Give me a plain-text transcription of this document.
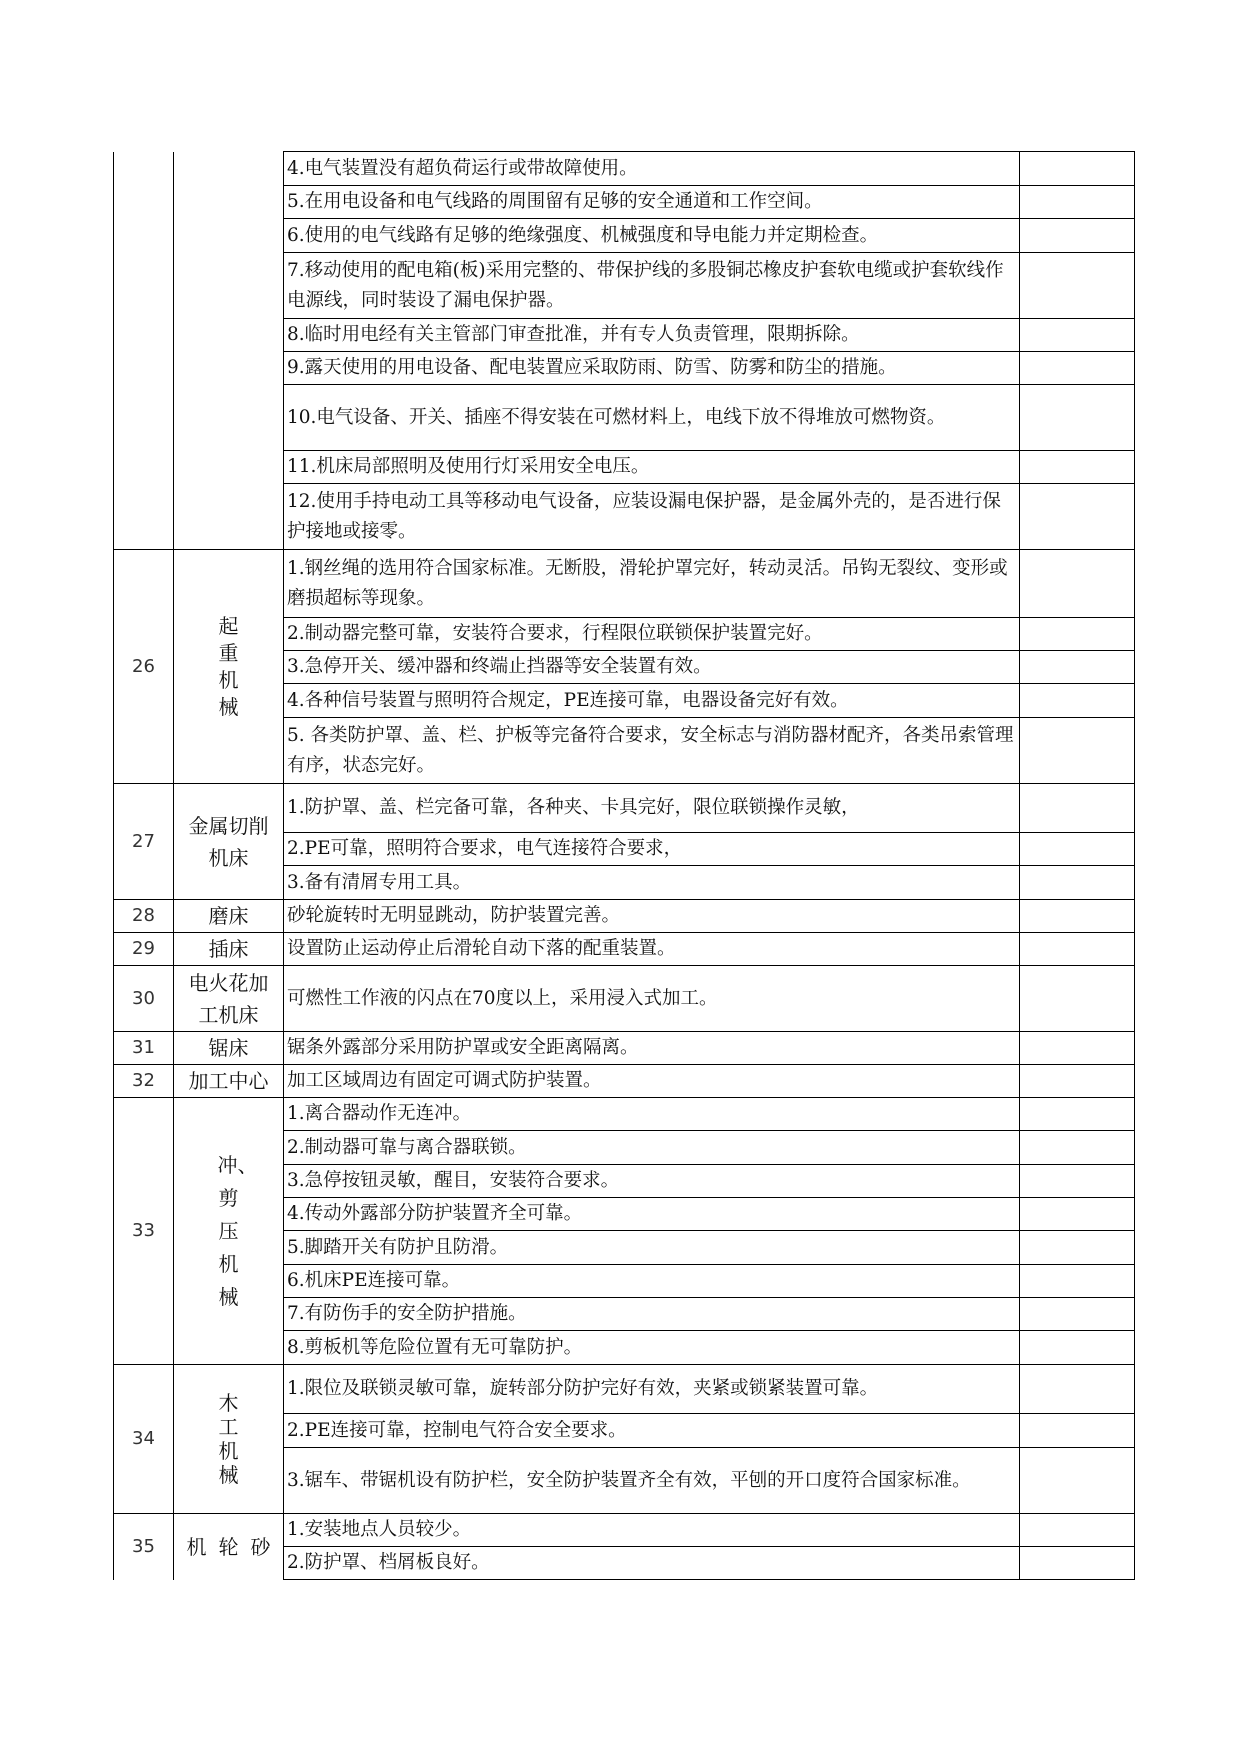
		4.电气装置没有超负荷运行或带故障使用。	
		5.在用电设备和电气线路的周围留有足够的安全通道和工作空间。	
		6.使用的电气线路有足够的绝缘强度、机械强度和导电能力并定期检查。	
		7.移动使用的配电箱(板)采用完整的、带保护线的多股铜芯橡皮护套软电缆或护套软线作电源线，同时装设了漏电保护器。	
		8.临时用电经有关主管部门审查批准，并有专人负责管理，限期拆除。	
		9.露天使用的用电设备、配电装置应采取防雨、防雪、防雾和防尘的措施。	
		10.电气设备、开关、插座不得安装在可燃材料上，电线下放不得堆放可燃物资。	
		11.机床局部照明及使用行灯采用安全电压。	
		12.使用手持电动工具等移动电气设备，应装设漏电保护器，是金属外壳的，是否进行保护接地或接零。	

26	起重机械	1.钢丝绳的选用符合国家标准。无断股，滑轮护罩完好，转动灵活。吊钩无裂纹、变形或磨损超标等现象。	
		2.制动器完整可靠，安装符合要求，行程限位联锁保护装置完好。	
		3.急停开关、缓冲器和终端止挡器等安全装置有效。	
		4.各种信号装置与照明符合规定，PE连接可靠，电器设备完好有效。	
		5. 各类防护罩、盖、栏、护板等完备符合要求，安全标志与消防器材配齐，各类吊索管理有序，状态完好。	
27	金属切削机床	1.防护罩、盖、栏完备可靠，各种夹、卡具完好，限位联锁操作灵敏，	
		2.PE可靠，照明符合要求，电气连接符合要求，	
		3.备有清屑专用工具。	
28	磨床	砂轮旋转时无明显跳动，防护装置完善。	
29	插床	设置防止运动停止后滑轮自动下落的配重装置。	
30	电火花加工机床	可燃性工作液的闪点在70度以上，采用浸入式加工。	
31	锯床	锯条外露部分采用防护罩或安全距离隔离。	
32	加工中心	加工区域周边有固定可调式防护装置。	
33	冲、剪压机械	1.离合器动作无连冲。	
		2.制动器可靠与离合器联锁。	
		3.急停按钮灵敏，醒目，安装符合要求。	
		4.传动外露部分防护装置齐全可靠。	
		5.脚踏开关有防护且防滑。	
		6.机床PE连接可靠。	
		7.有防伤手的安全防护措施。	
		8.剪板机等危险位置有无可靠防护。	
34	木工机械	1.限位及联锁灵敏可靠，旋转部分防护完好有效，夹紧或锁紧装置可靠。	
		2.PE连接可靠，控制电气符合安全要求。	
		3.锯车、带锯机设有防护栏，安全防护装置齐全有效，平刨的开口度符合国家标准。	
35	机轮砂	1.安装地点人员较少。	
		2.防护罩、档屑板良好。	
